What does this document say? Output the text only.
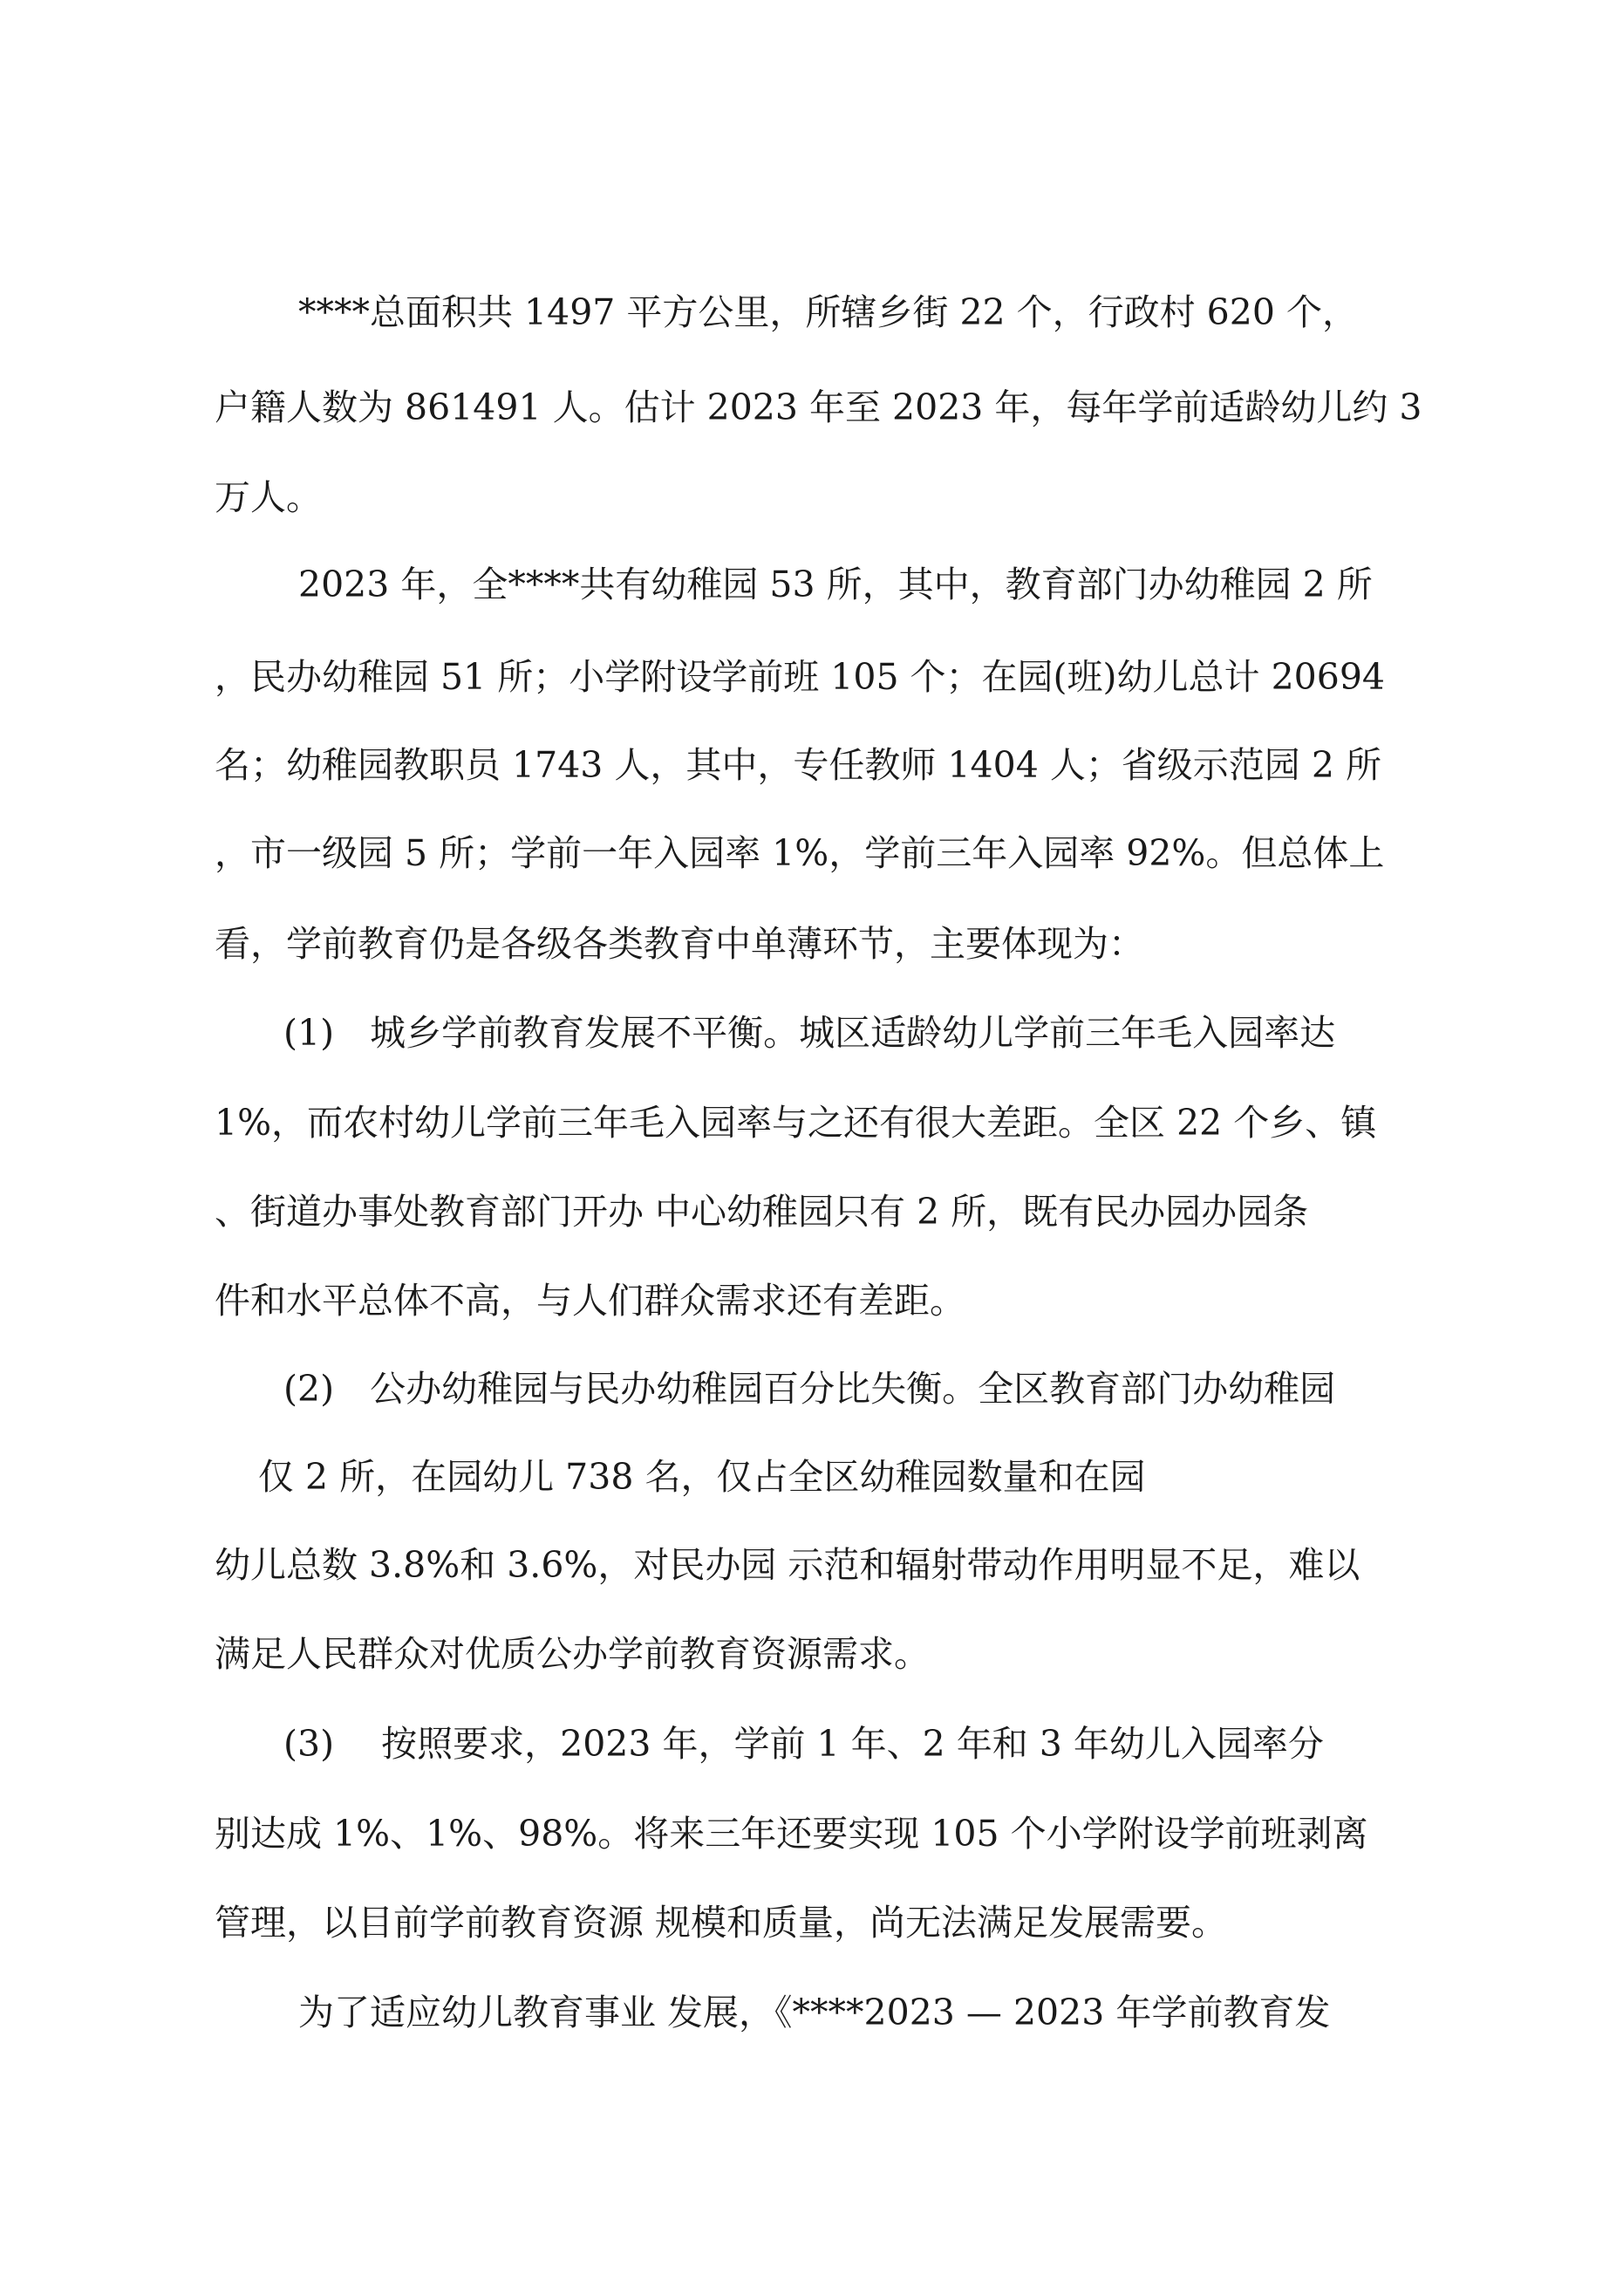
****总面积共 1497 平方公里，所辖乡街 22 个，行政村 620 个，
户籍人数为 861491 人。估计 2023 年至 2023 年，每年学前适龄幼儿约 3
万人。
2023 年，全****共有幼稚园 53 所，其中，教育部门办幼稚园 2 所
，民办幼稚园 51 所；小学附设学前班 105 个；在园(班)幼儿总计 20694
名；幼稚园教职员 1743 人，其中，专任教师 1404 人；省级示范园 2 所
，市一级园 5 所；学前一年入园率 1%，学前三年入园率 92%。但总体上
看，学前教育仍是各级各类教育中单薄环节，主要体现为：
(1)　城乡学前教育发展不平衡。城区适龄幼儿学前三年毛入园率达
1%，而农村幼儿学前三年毛入园率与之还有很大差距。全区 22 个乡、镇
、街道办事处教育部门开办 中心幼稚园只有 2 所，既有民办园办园条
件和水平总体不高，与人们群众需求还有差距。
(2)　公办幼稚园与民办幼稚园百分比失衡。全区教育部门办幼稚园
仅 2 所，在园幼儿 738 名，仅占全区幼稚园数量和在园
幼儿总数 3.8%和 3.6%，对民办园 示范和辐射带动作用明显不足，难以
满足人民群众对优质公办学前教育资源需求。
(3)　 按照要求，2023 年，学前 1 年、2 年和 3 年幼儿入园率分
别达成 1%、1%、98%。将来三年还要实现 105 个小学附设学前班剥离
管理，以目前学前教育资源 规模和质量，尚无法满足发展需要。
为了适应幼儿教育事业 发展，《****2023 — 2023 年学前教育发
